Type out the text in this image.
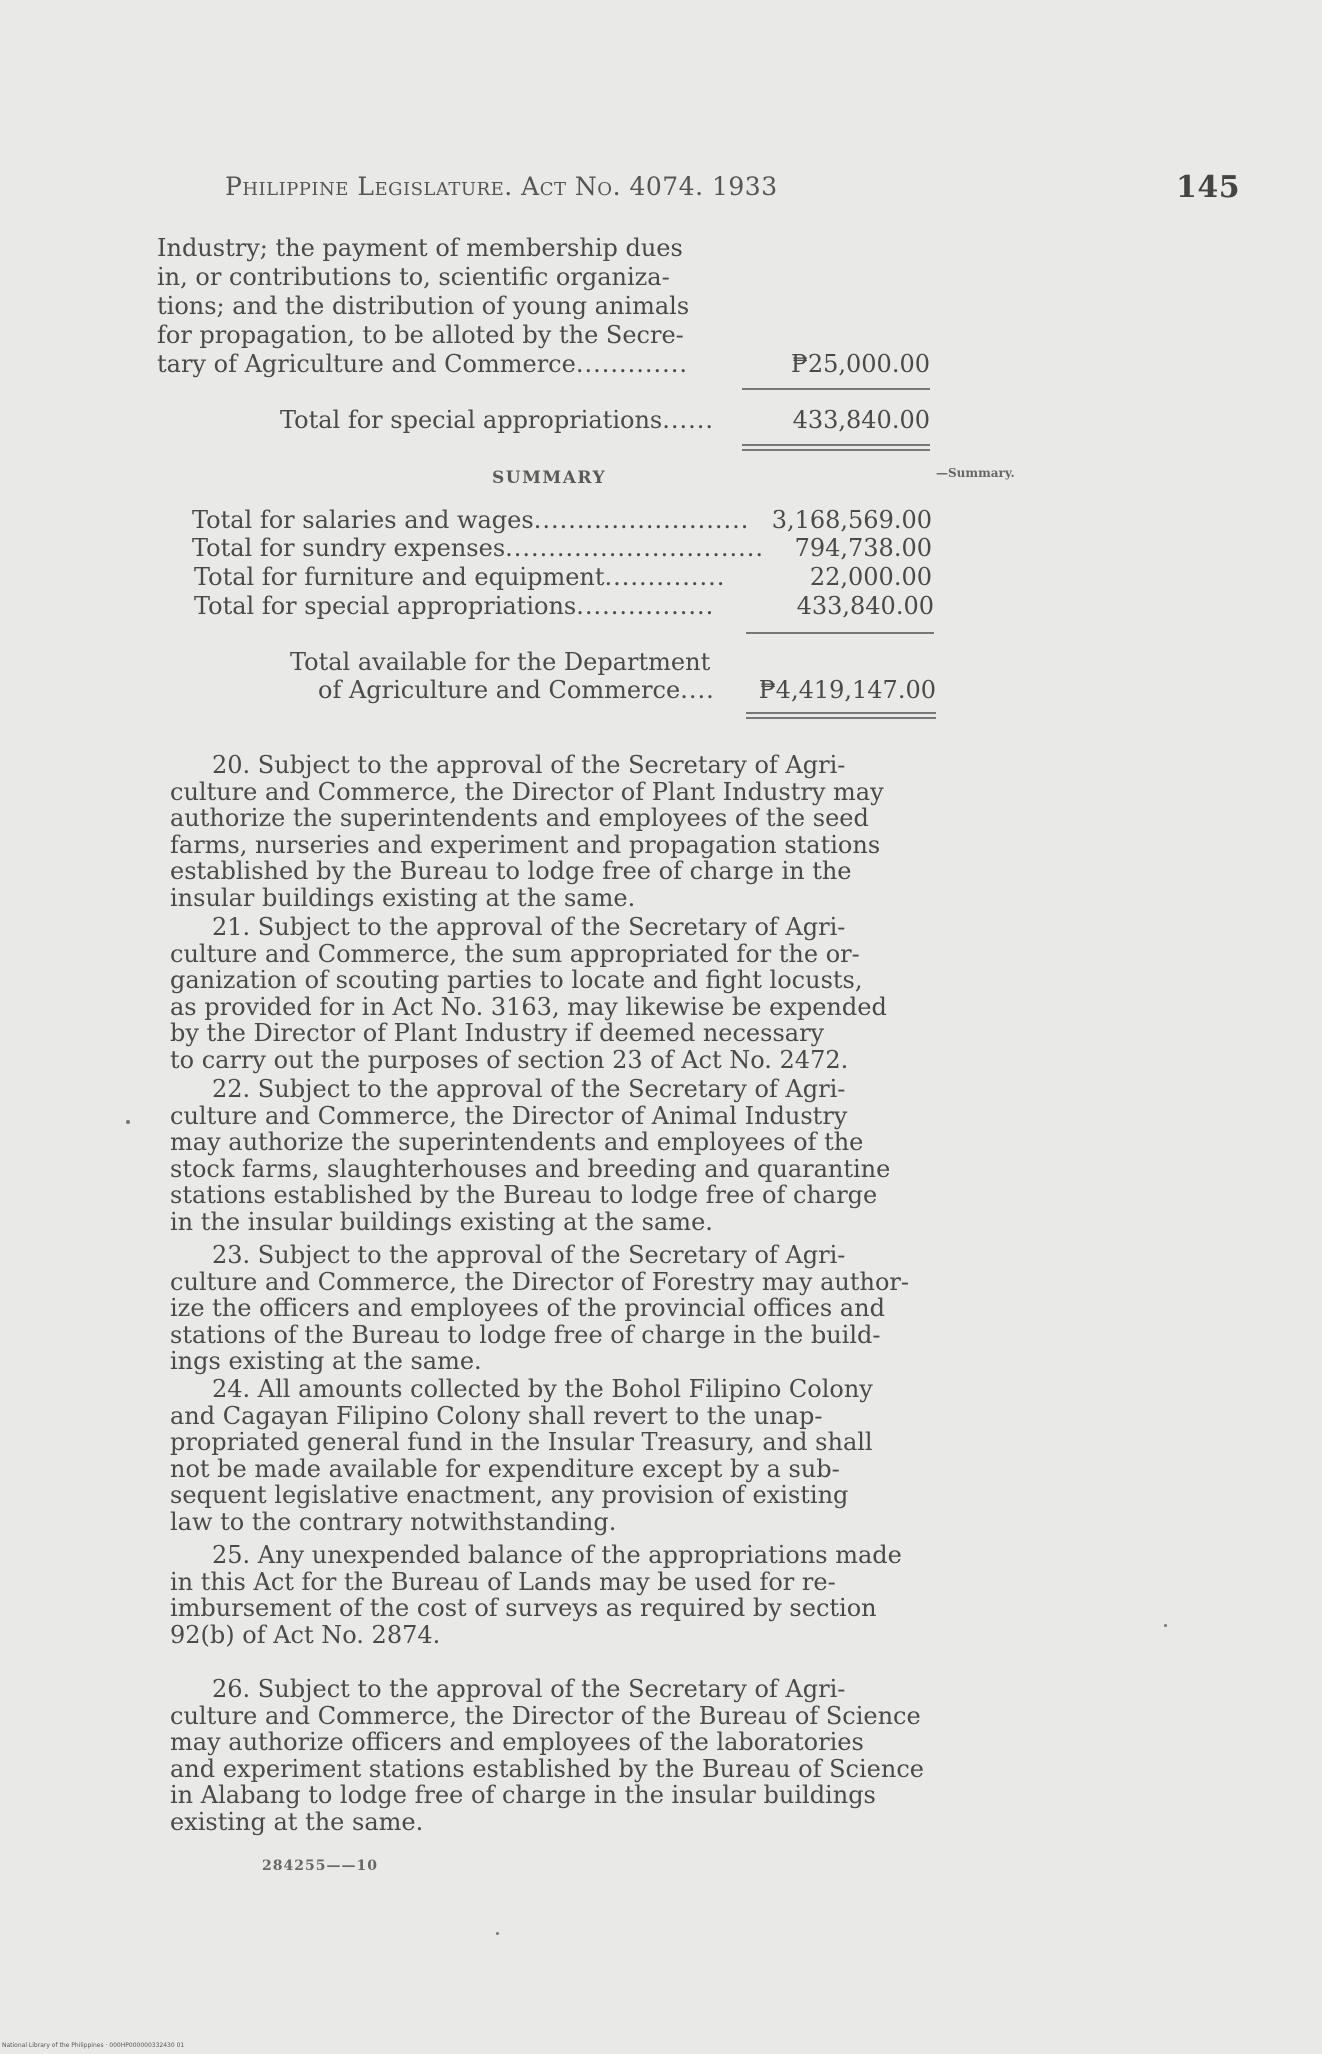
Philippine Legislature. Act No. 4074. 1933	145
Industry; the payment of membership dues
in, or contributions to, scientific organiza-
tions; and the distribution of young animals
for propagation, to be alloted by the Secre-
tary of Agriculture and Commerce.............	₱25,000.00
Total for special appropriations......	433,840.00
SUMMARY	—Summary.
Total for salaries and wages......................... 3,168,569.00
Total for sundry expenses..............................	794,738.00
Total for furniture and equipment..............	22,000.00
Total for special appropriations................	433,840.00
Total available for the Department
of Agriculture and Commerce....	₱4,419,147.00
20. Subject to the approval of the Secretary of Agri-
culture and Commerce, the Director of Plant Industry may
authorize the superintendents and employees of the seed
farms, nurseries and experiment and propagation stations
established by the Bureau to lodge free of charge in the
insular buildings existing at the same.
21. Subject to the approval of the Secretary of Agri-
culture and Commerce, the sum appropriated for the or-
ganization of scouting parties to locate and fight locusts,
as provided for in Act No. 3163, may likewise be expended
by the Director of Plant Industry if deemed necessary
to carry out the purposes of section 23 of Act No. 2472.
22. Subject to the approval of the Secretary of Agri-
culture and Commerce, the Director of Animal Industry
may authorize the superintendents and employees of the
stock farms, slaughterhouses and breeding and quarantine
stations established by the Bureau to lodge free of charge
in the insular buildings existing at the same.
23. Subject to the approval of the Secretary of Agri-
culture and Commerce, the Director of Forestry may author-
ize the officers and employees of the provincial offices and
stations of the Bureau to lodge free of charge in the build-
ings existing at the same.
24. All amounts collected by the Bohol Filipino Colony
and Cagayan Filipino Colony shall revert to the unap-
propriated general fund in the Insular Treasury, and shall
not be made available for expenditure except by a sub-
sequent legislative enactment, any provision of existing
law to the contrary notwithstanding.
25. Any unexpended balance of the appropriations made
in this Act for the Bureau of Lands may be used for re-
imbursement of the cost of surveys as required by section
92(b) of Act No. 2874.
26. Subject to the approval of the Secretary of Agri-
culture and Commerce, the Director of the Bureau of Science
may authorize officers and employees of the laboratories
and experiment stations established by the Bureau of Science
in Alabang to lodge free of charge in the insular buildings
existing at the same.
284255——10
National Library of the Philippines · 000HP000000332430 01
